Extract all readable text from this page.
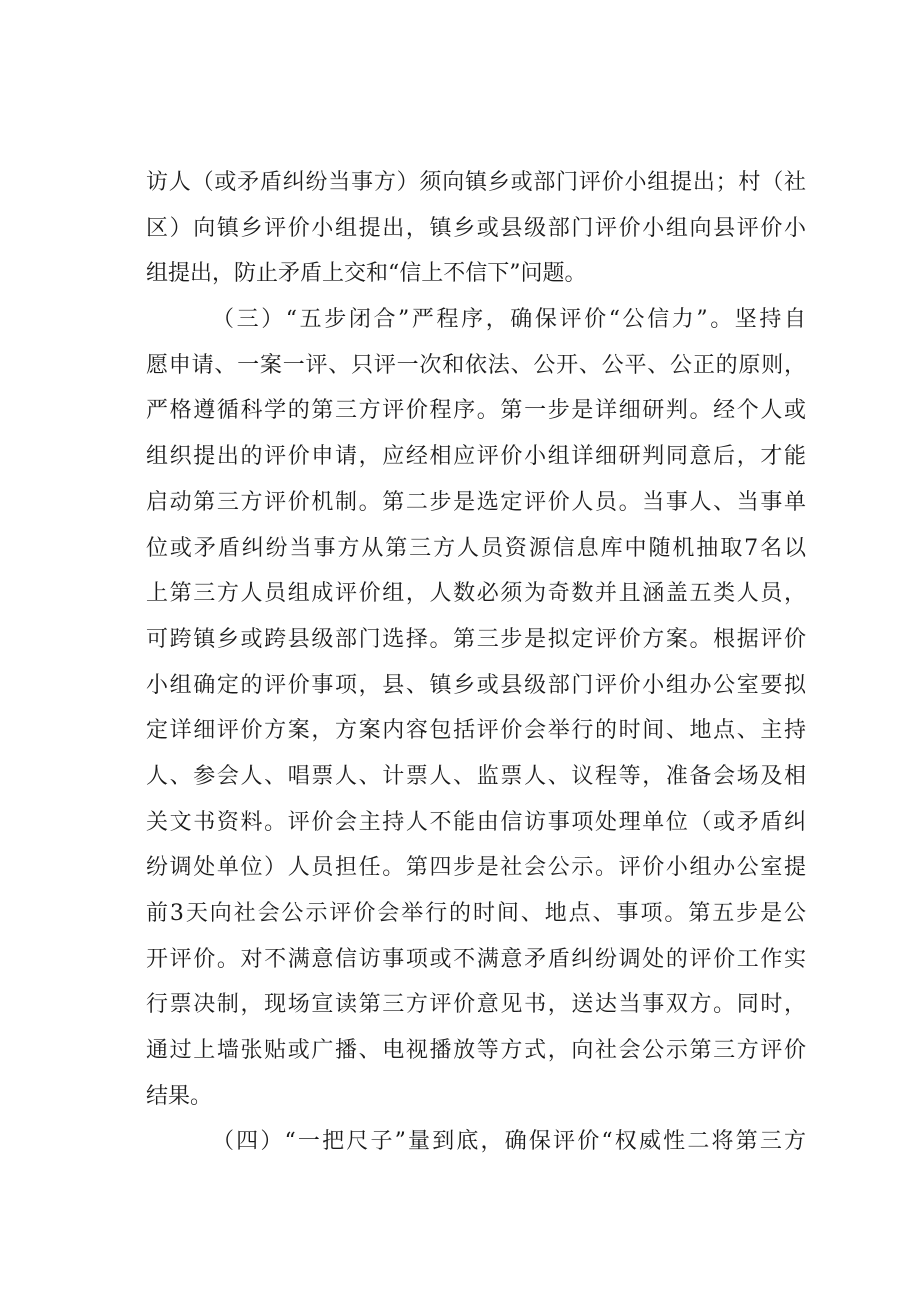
访人（或矛盾纠纷当事方）须向镇乡或部门评价小组提出；村（社
区）向镇乡评价小组提出，镇乡或县级部门评价小组向县评价小
组提出，防止矛盾上交和“信上不信下”问题。
（三）“五步闭合”严程序，确保评价“公信力”。坚持自
愿申请、一案一评、只评一次和依法、公开、公平、公正的原则，
严格遵循科学的第三方评价程序。第一步是详细研判。经个人或
组织提出的评价申请，应经相应评价小组详细研判同意后，才能
启动第三方评价机制。第二步是选定评价人员。当事人、当事单
位或矛盾纠纷当事方从第三方人员资源信息库中随机抽取7名以
上第三方人员组成评价组，人数必须为奇数并且涵盖五类人员，
可跨镇乡或跨县级部门选择。第三步是拟定评价方案。根据评价
小组确定的评价事项，县、镇乡或县级部门评价小组办公室要拟
定详细评价方案，方案内容包括评价会举行的时间、地点、主持
人、参会人、唱票人、计票人、监票人、议程等，准备会场及相
关文书资料。评价会主持人不能由信访事项处理单位（或矛盾纠
纷调处单位）人员担任。第四步是社会公示。评价小组办公室提
前3天向社会公示评价会举行的时间、地点、事项。第五步是公
开评价。对不满意信访事项或不满意矛盾纠纷调处的评价工作实
行票决制，现场宣读第三方评价意见书，送达当事双方。同时，
通过上墙张贴或广播、电视播放等方式，向社会公示第三方评价
结果。
（四）“一把尺子”量到底，确保评价“权威性二将第三方
